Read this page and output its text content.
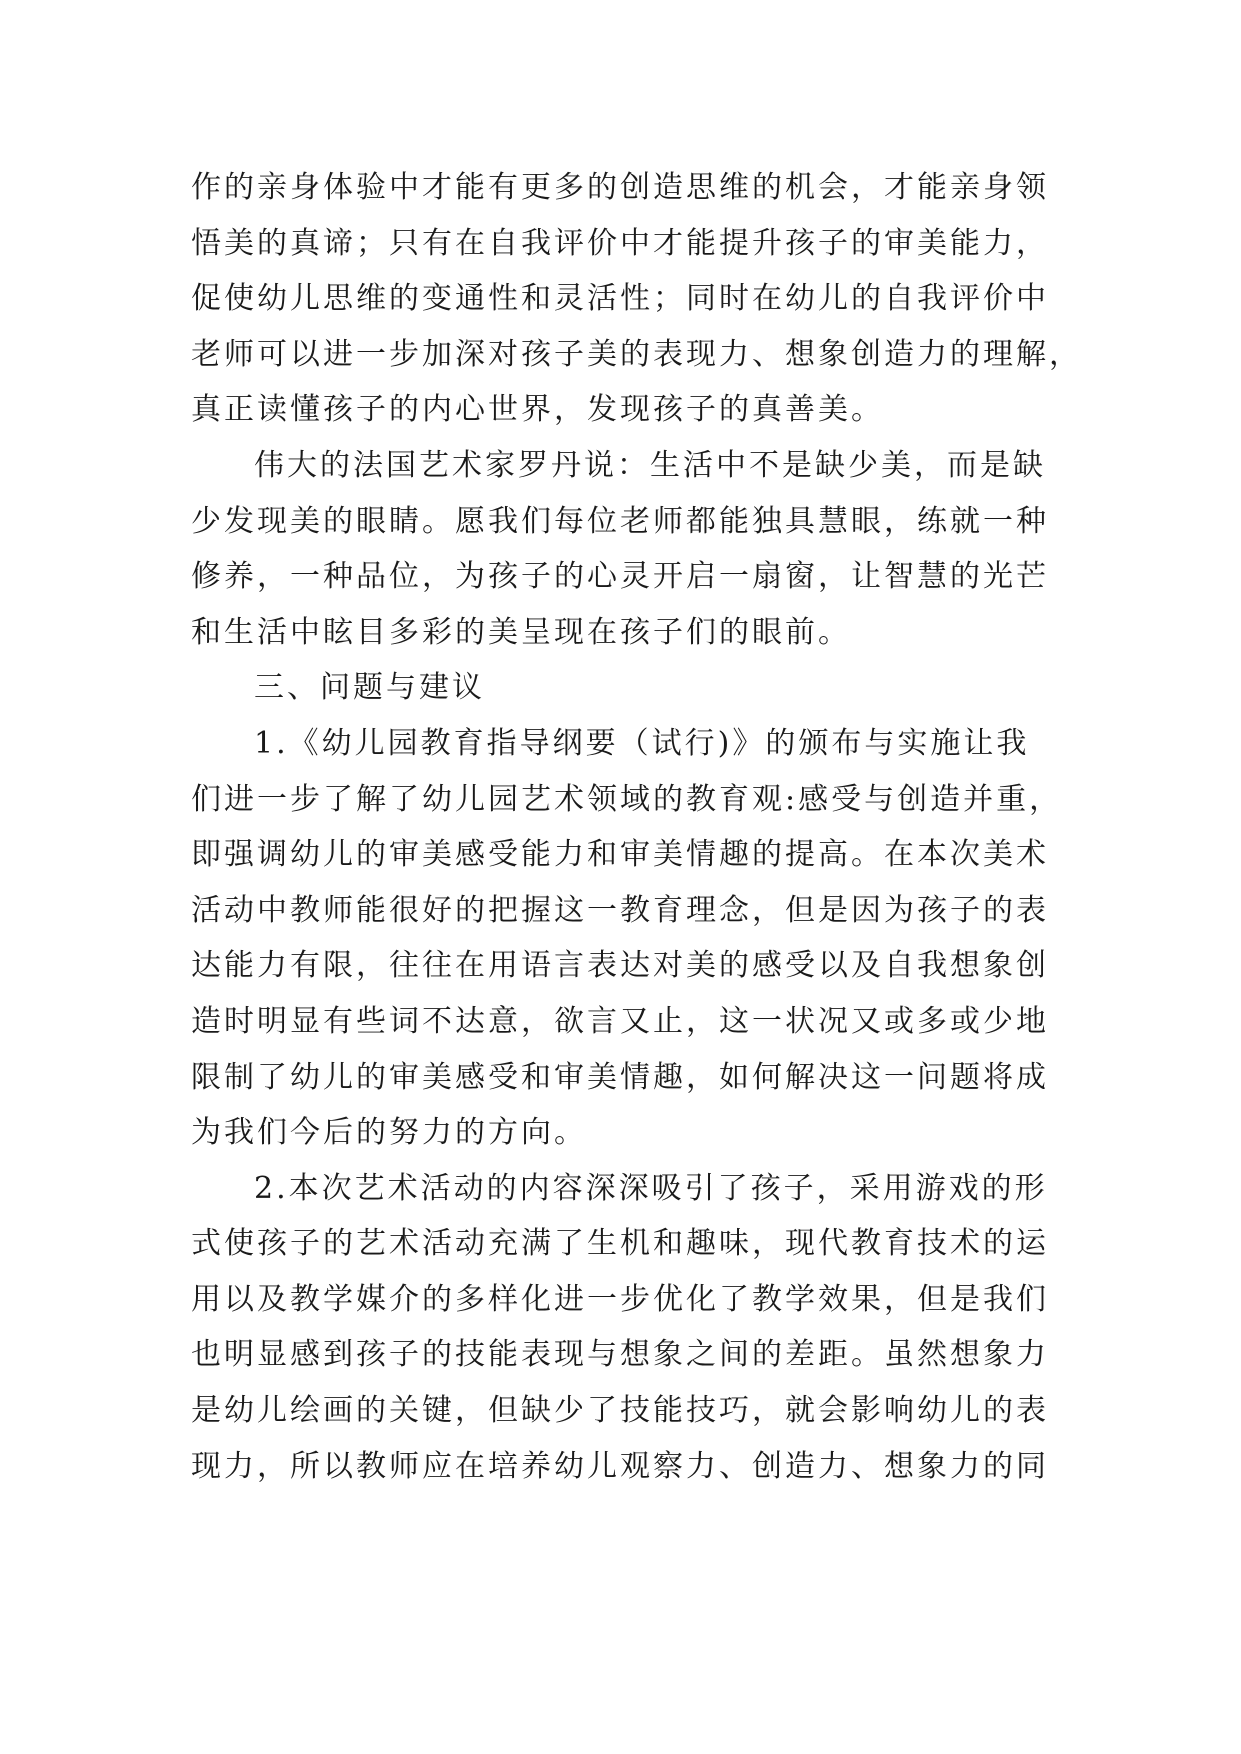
作的亲身体验中才能有更多的创造思维的机会，才能亲身领
悟美的真谛；只有在自我评价中才能提升孩子的审美能力，
促使幼儿思维的变通性和灵活性；同时在幼儿的自我评价中
老师可以进一步加深对孩子美的表现力、想象创造力的理解，
真正读懂孩子的内心世界，发现孩子的真善美。
伟大的法国艺术家罗丹说：生活中不是缺少美，而是缺
少发现美的眼睛。愿我们每位老师都能独具慧眼，练就一种
修养，一种品位，为孩子的心灵开启一扇窗，让智慧的光芒
和生活中眩目多彩的美呈现在孩子们的眼前。
三、问题与建议
1.《幼儿园教育指导纲要（试行)》的颁布与实施让我
们进一步了解了幼儿园艺术领域的教育观:感受与创造并重，
即强调幼儿的审美感受能力和审美情趣的提高。在本次美术
活动中教师能很好的把握这一教育理念，但是因为孩子的表
达能力有限，往往在用语言表达对美的感受以及自我想象创
造时明显有些词不达意，欲言又止，这一状况又或多或少地
限制了幼儿的审美感受和审美情趣，如何解决这一问题将成
为我们今后的努力的方向。
2.本次艺术活动的内容深深吸引了孩子，采用游戏的形
式使孩子的艺术活动充满了生机和趣味，现代教育技术的运
用以及教学媒介的多样化进一步优化了教学效果，但是我们
也明显感到孩子的技能表现与想象之间的差距。虽然想象力
是幼儿绘画的关键，但缺少了技能技巧，就会影响幼儿的表
现力，所以教师应在培养幼儿观察力、创造力、想象力的同
